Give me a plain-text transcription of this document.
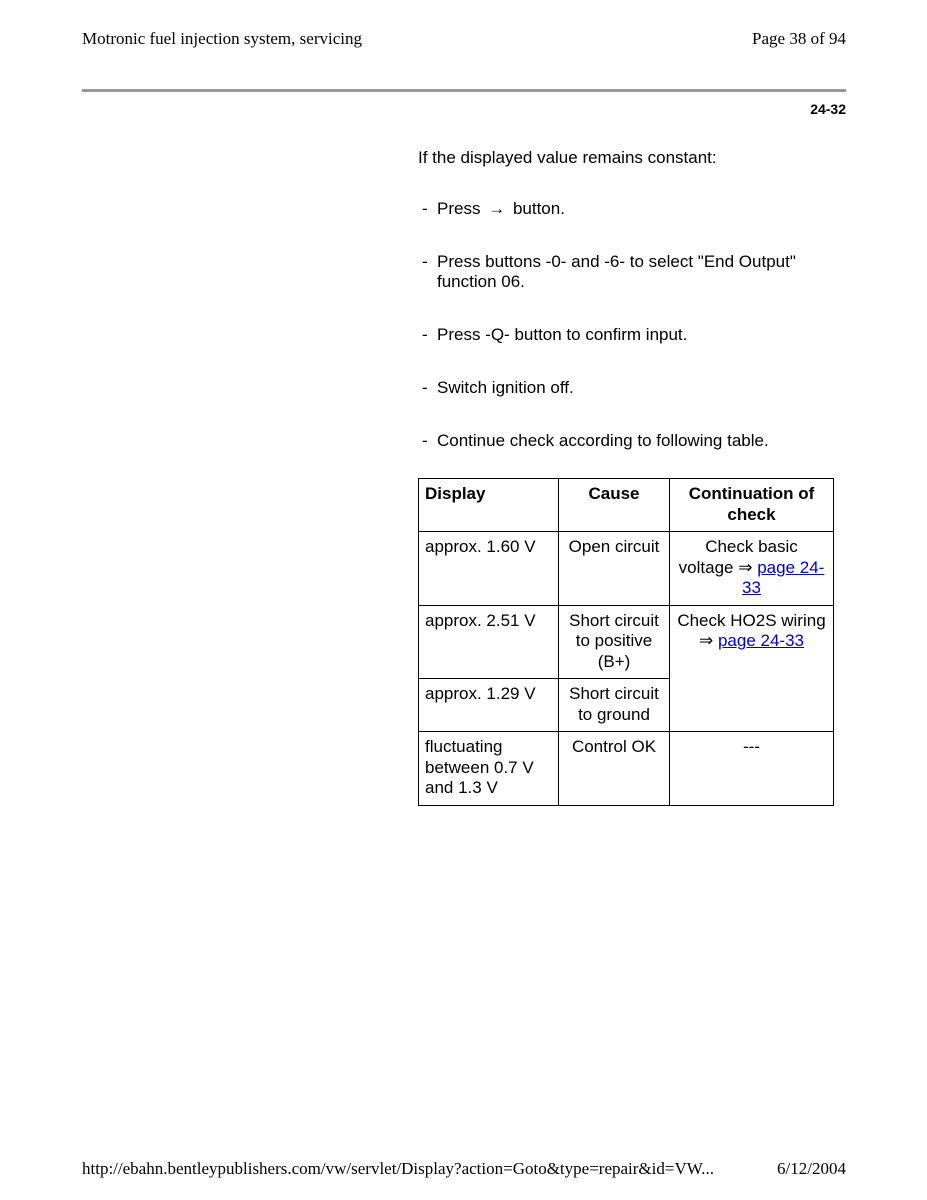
Motronic fuel injection system, servicing	Page 38 of 94
24-32

If the displayed value remains constant:

- Press → button.
- Press buttons -0- and -6- to select "End Output" function 06.
- Press -Q- button to confirm input.
- Switch ignition off.
- Continue check according to following table.
Display	Cause	Continuation of check
approx. 1.60 V	Open circuit	Check basic voltage ⇒ page 24-33
approx. 2.51 V	Short circuit to positive (B+)	Check HO2S wiring ⇒ page 24-33
approx. 1.29 V	Short circuit to ground	
fluctuating between 0.7 V and 1.3 V	Control OK	---
http://ebahn.bentleypublishers.com/vw/servlet/Display?action=Goto&type=repair&id=VW...	6/12/2004
